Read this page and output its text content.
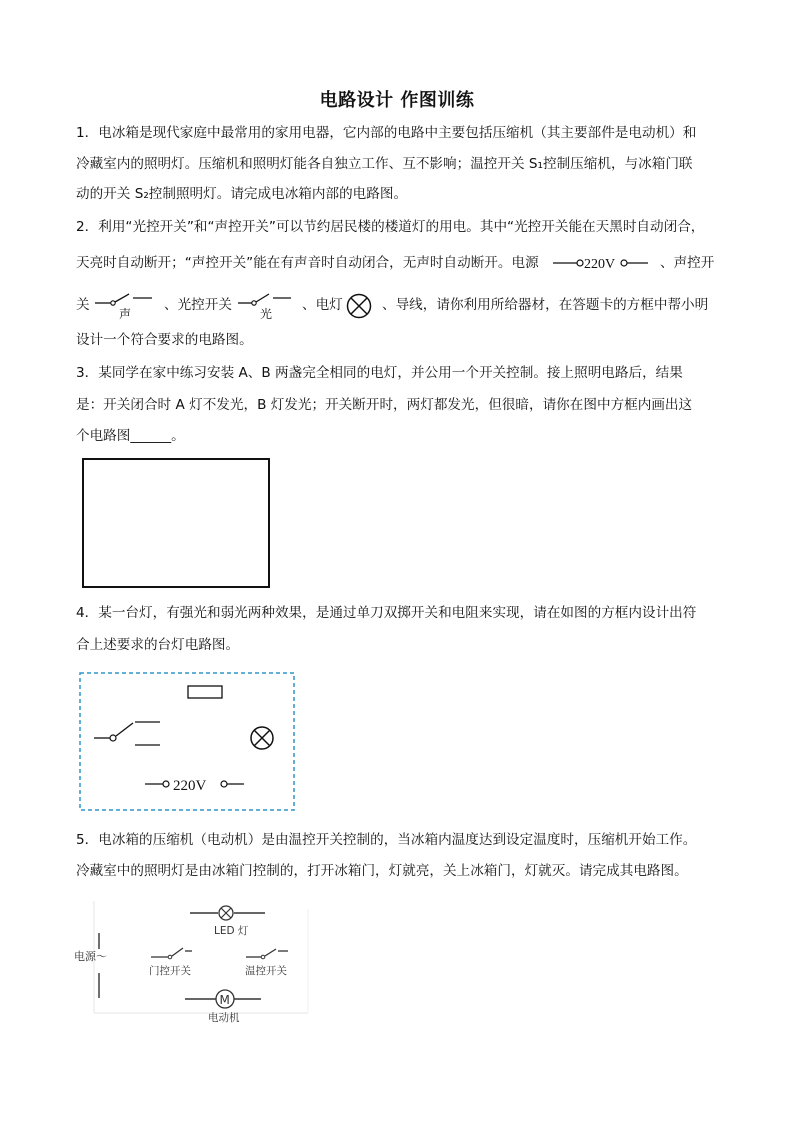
电路设计 作图训练
1．电冰箱是现代家庭中最常用的家用电器，它内部的电路中主要包括压缩机（其主要部件是电动机）和
冷藏室内的照明灯。压缩机和照明灯能各自独立工作、互不影响；温控开关 S₁控制压缩机，与冰箱门联
动的开关 S₂控制照明灯。请完成电冰箱内部的电路图。
2．利用“光控开关”和“声控开关”可以节约居民楼的楼道灯的用电。其中“光控开关能在天黑时自动闭合，
天亮时自动断开；“声控开关”能在有声音时自动闭合，无声时自动断开。电源	220V	、声控开
关
声
、光控开关
光
、电灯	、导线，请你利用所给器材，在答题卡的方框中帮小明
设计一个符合要求的电路图。
3．某同学在家中练习安装 A、B 两盏完全相同的电灯，并公用一个开关控制。接上照明电路后，结果
是：开关闭合时 A 灯不发光，B 灯发光；开关断开时，两灯都发光，但很暗，请你在图中方框内画出这
个电路图______。
4．某一台灯，有强光和弱光两种效果，是通过单刀双掷开关和电阻来实现，请在如图的方框内设计出符
合上述要求的台灯电路图。
220V
5．电冰箱的压缩机（电动机）是由温控开关控制的，当冰箱内温度达到设定温度时，压缩机开始工作。
冷藏室中的照明灯是由冰箱门控制的，打开冰箱门，灯就亮，关上冰箱门，灯就灭。请完成其电路图。
LED 灯
电源～
门控开关	温控开关
M
电动机
